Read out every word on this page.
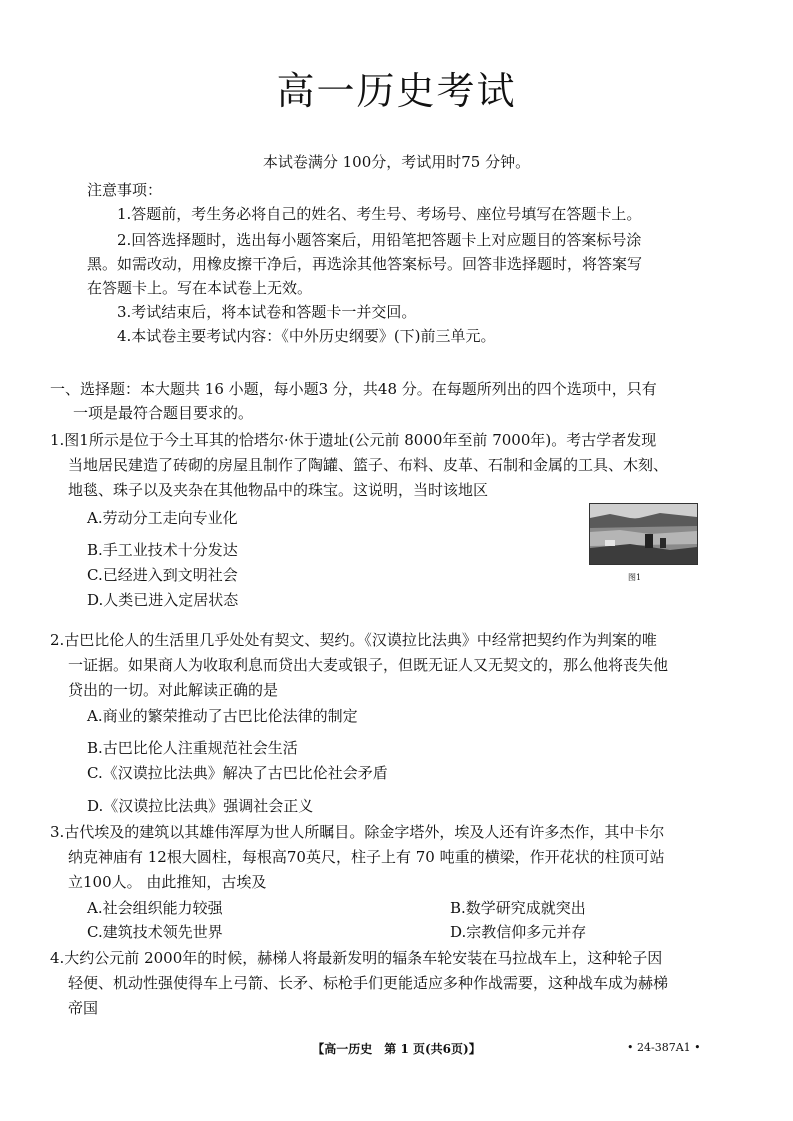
高一历史考试
本试卷满分 100分，考试用时75 分钟。
注意事项：
1.答题前，考生务必将自己的姓名、考生号、考场号、座位号填写在答题卡上。
2.回答选择题时，选出每小题答案后，用铅笔把答题卡上对应题目的答案标号涂
黑。如需改动，用橡皮擦干净后，再选涂其他答案标号。回答非选择题时，将答案写
在答题卡上。写在本试卷上无效。
3.考试结束后，将本试卷和答题卡一并交回。
4.本试卷主要考试内容：《中外历史纲要》(下)前三单元。
一、选择题：本大题共 16 小题，每小题3 分，共48 分。在每题所列出的四个选项中，只有
一项是最符合题目要求的。
1.图1所示是位于今土耳其的恰塔尔·休于遗址(公元前 8000年至前 7000年)。考古学者发现
当地居民建造了砖砌的房屋且制作了陶罐、篮子、布料、皮革、石制和金属的工具、木刻、
地毯、珠子以及夹杂在其他物品中的珠宝。这说明，当时该地区
A.劳动分工走向专业化
B.手工业技术十分发达
C.已经进入到文明社会
D.人类已进入定居状态
图1
2.古巴比伦人的生活里几乎处处有契文、契约。《汉谟拉比法典》中经常把契约作为判案的唯
一证据。如果商人为收取利息而贷出大麦或银子，但既无证人又无契文的，那么他将丧失他
贷出的一切。对此解读正确的是
A.商业的繁荣推动了古巴比伦法律的制定
B.古巴比伦人注重规范社会生活
C.《汉谟拉比法典》解决了古巴比伦社会矛盾
D.《汉谟拉比法典》强调社会正义
3.古代埃及的建筑以其雄伟浑厚为世人所瞩目。除金字塔外，埃及人还有许多杰作，其中卡尔
纳克神庙有 12根大圆柱，每根高70英尺，柱子上有 70 吨重的横梁，作开花状的柱顶可站
立100人。 由此推知，古埃及
A.社会组织能力较强	B.数学研究成就突出
C.建筑技术领先世界	D.宗教信仰多元并存
4.大约公元前 2000年的时候，赫梯人将最新发明的辐条车轮安装在马拉战车上，这种轮子因
轻便、机动性强使得车上弓箭、长矛、标枪手们更能适应多种作战需要，这种战车成为赫梯
帝国
【高一历史　第 1 页(共6页)】	• 24-387A1 •
